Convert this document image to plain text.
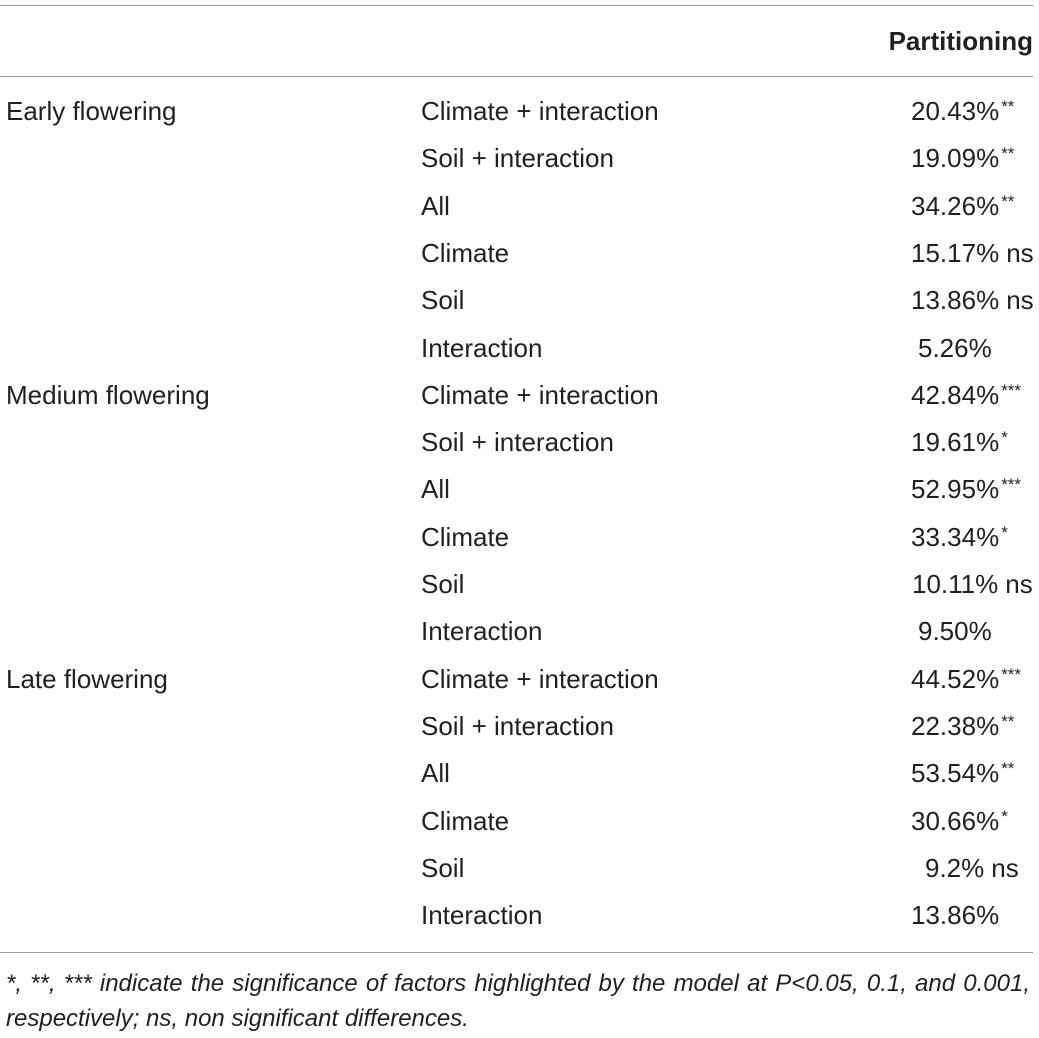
Partitioning
Early flowering	Climate + interaction	20.43% **
Soil + interaction	19.09% **
All	34.26% **
Climate	15.17% ns
Soil	13.86% ns
Interaction	5.26%
Medium flowering	Climate + interaction	42.84% ***
Soil + interaction	19.61% *
All	52.95% ***
Climate	33.34% *
Soil	10.11% ns
Interaction	9.50%
Late flowering	Climate + interaction	44.52% ***
Soil + interaction	22.38% **
All	53.54% **
Climate	30.66% *
Soil	9.2% ns
Interaction	13.86%
*, **, *** indicate the significance of factors highlighted by the model at P<0.05, 0.1, and 0.001, respectively; ns, non significant differences.
